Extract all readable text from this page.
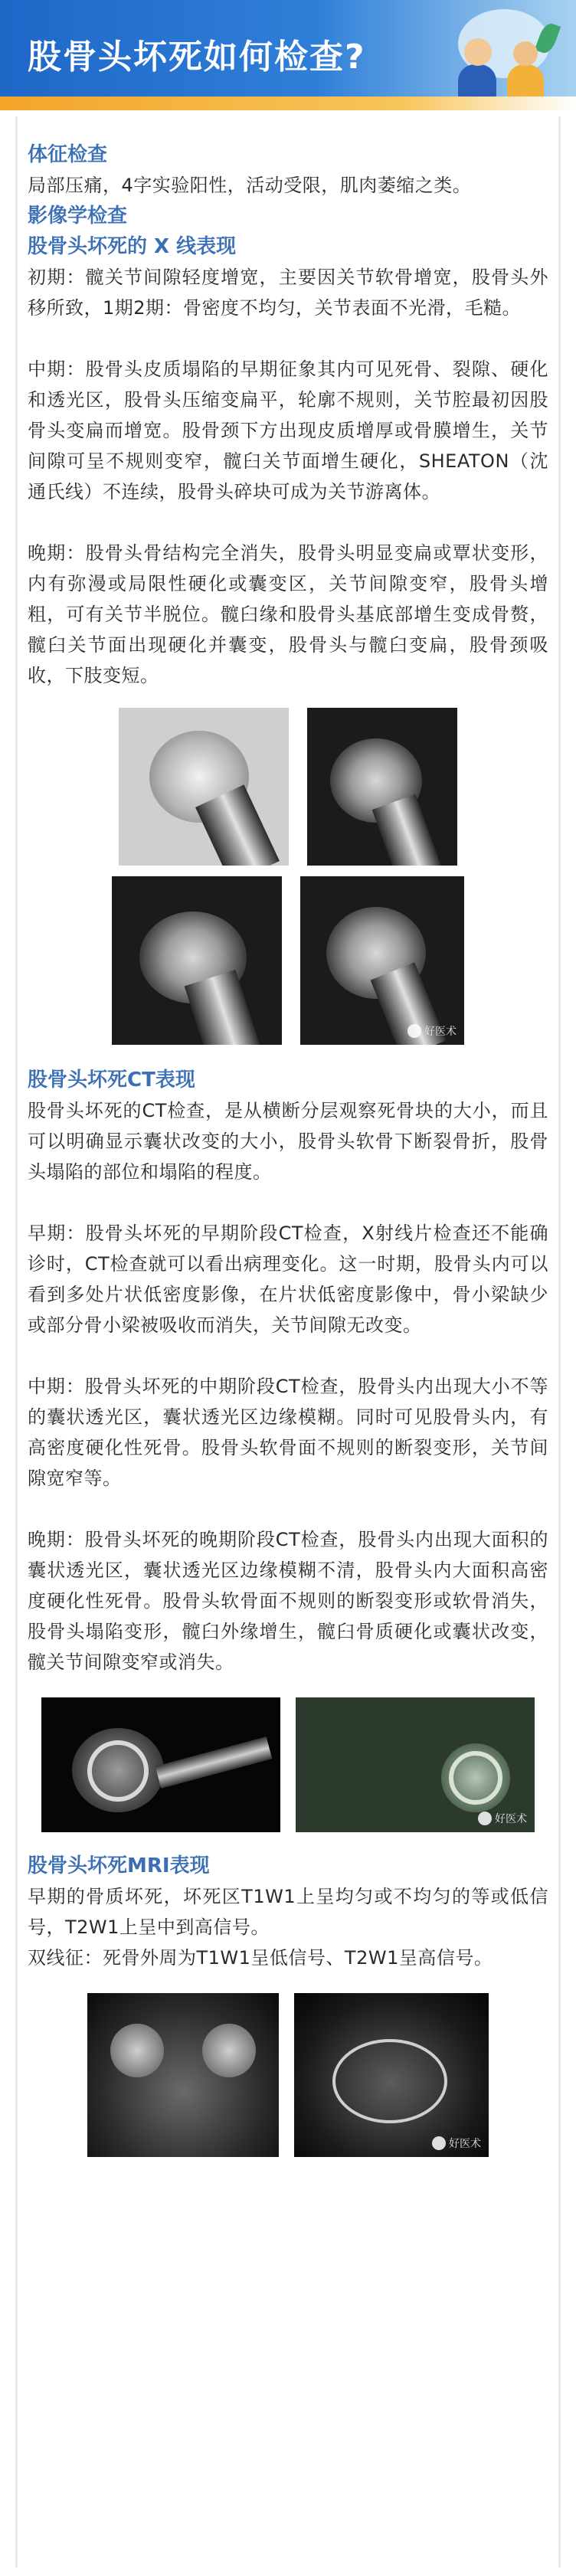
股骨头坏死如何检查?
体征检查
局部压痛，4字实验阳性，活动受限，肌肉萎缩之类。
影像学检查
股骨头坏死的 X 线表现
初期：髋关节间隙轻度增宽，主要因关节软骨增宽，股骨头外移所致，1期2期：骨密度不均匀，关节表面不光滑，毛糙。
中期：股骨头皮质塌陷的早期征象其内可见死骨、裂隙、硬化和透光区，股骨头压缩变扁平，轮廓不规则，关节腔最初因股骨头变扁而增宽。股骨颈下方出现皮质增厚或骨膜增生，关节间隙可呈不规则变窄，髋臼关节面增生硬化，SHEATON（沈通氏线）不连续，股骨头碎块可成为关节游离体。
晚期：股骨头骨结构完全消失，股骨头明显变扁或覃状变形，内有弥漫或局限性硬化或囊变区，关节间隙变窄，股骨头增粗，可有关节半脱位。髋臼缘和股骨头基底部增生变成骨赘，髋臼关节面出现硬化并囊变，股骨头与髋臼变扁，股骨颈吸收，下肢变短。
好医术
股骨头坏死CT表现
股骨头坏死的CT检查，是从横断分层观察死骨块的大小，而且可以明确显示囊状改变的大小，股骨头软骨下断裂骨折，股骨头塌陷的部位和塌陷的程度。
早期：股骨头坏死的早期阶段CT检查，X射线片检查还不能确诊时，CT检查就可以看出病理变化。这一时期，股骨头内可以看到多处片状低密度影像，在片状低密度影像中，骨小梁缺少或部分骨小梁被吸收而消失，关节间隙无改变。
中期：股骨头坏死的中期阶段CT检查，股骨头内出现大小不等的囊状透光区，囊状透光区边缘模糊。同时可见股骨头内，有高密度硬化性死骨。股骨头软骨面不规则的断裂变形，关节间隙宽窄等。
晚期：股骨头坏死的晚期阶段CT检查，股骨头内出现大面积的囊状透光区，囊状透光区边缘模糊不清，股骨头内大面积高密度硬化性死骨。股骨头软骨面不规则的断裂变形或软骨消失，股骨头塌陷变形，髋臼外缘增生，髋臼骨质硬化或囊状改变，髋关节间隙变窄或消失。
好医术
股骨头坏死MRI表现
早期的骨质坏死，坏死区T1W1上呈均匀或不均匀的等或低信号，T2W1上呈中到高信号。
双线征：死骨外周为T1W1呈低信号、T2W1呈高信号。
好医术
